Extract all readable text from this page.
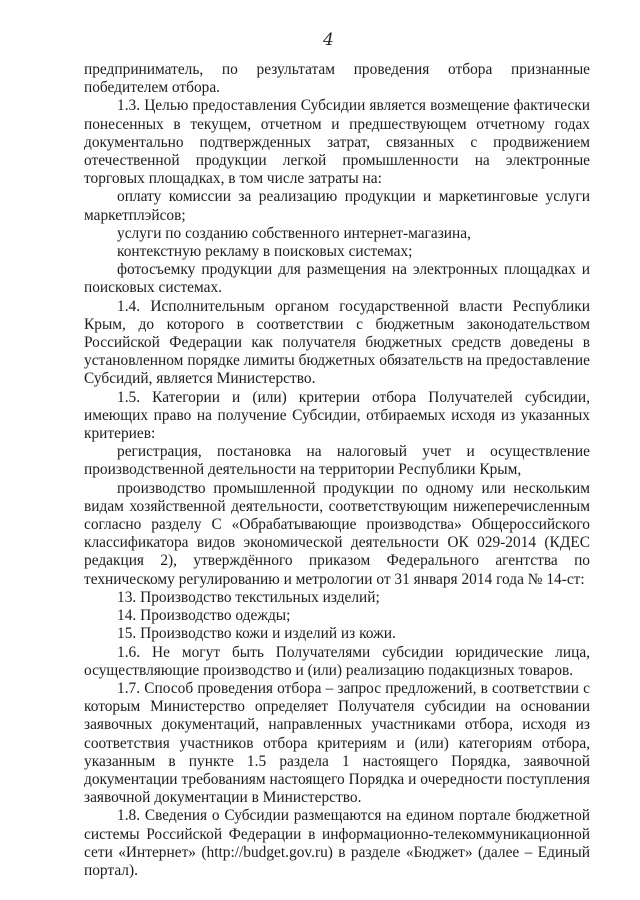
4

предприниматель, по результатам проведения отбора признанные победителем отбора.

1.3. Целью предоставления Субсидии является возмещение фактически понесенных в текущем, отчетном и предшествующем отчетному годах документально подтвержденных затрат, связанных с продвижением отечественной продукции легкой промышленности на электронные торговых площадках, в том числе затраты на:

оплату комиссии за реализацию продукции и маркетинговые услуги маркетплэйсов;

услуги по созданию собственного интернет-магазина,

контекстную рекламу в поисковых системах;

фотосъемку продукции для размещения на электронных площадках и поисковых системах.

1.4. Исполнительным органом государственной власти Республики Крым, до которого в соответствии с бюджетным законодательством Российской Федерации как получателя бюджетных средств доведены в установленном порядке лимиты бюджетных обязательств на предоставление Субсидий, является Министерство.

1.5. Категории и (или) критерии отбора Получателей субсидии, имеющих право на получение Субсидии, отбираемых исходя из указанных критериев:

регистрация, постановка на налоговый учет и осуществление производственной деятельности на территории Республики Крым,

производство промышленной продукции по одному или нескольким видам хозяйственной деятельности, соответствующим нижеперечисленным согласно разделу С «Обрабатывающие производства» Общероссийского классификатора видов экономической деятельности ОК 029-2014 (КДЕС редакция 2), утверждённого приказом Федерального агентства по техническому регулированию и метрологии от 31 января 2014 года № 14-ст:

13. Производство текстильных изделий;

14. Производство одежды;

15. Производство кожи и изделий из кожи.

1.6. Не могут быть Получателями субсидии юридические лица, осуществляющие производство и (или) реализацию подакцизных товаров.

1.7. Способ проведения отбора – запрос предложений, в соответствии с которым Министерство определяет Получателя субсидии на основании заявочных документаций, направленных участниками отбора, исходя из соответствия участников отбора критериям и (или) категориям отбора, указанным в пункте 1.5 раздела 1 настоящего Порядка, заявочной документации требованиям настоящего Порядка и очередности поступления заявочной документации в Министерство.

1.8. Сведения о Субсидии размещаются на едином портале бюджетной системы Российской Федерации в информационно-телекоммуникационной сети «Интернет» (http://budget.gov.ru) в разделе «Бюджет» (далее – Единый портал).
